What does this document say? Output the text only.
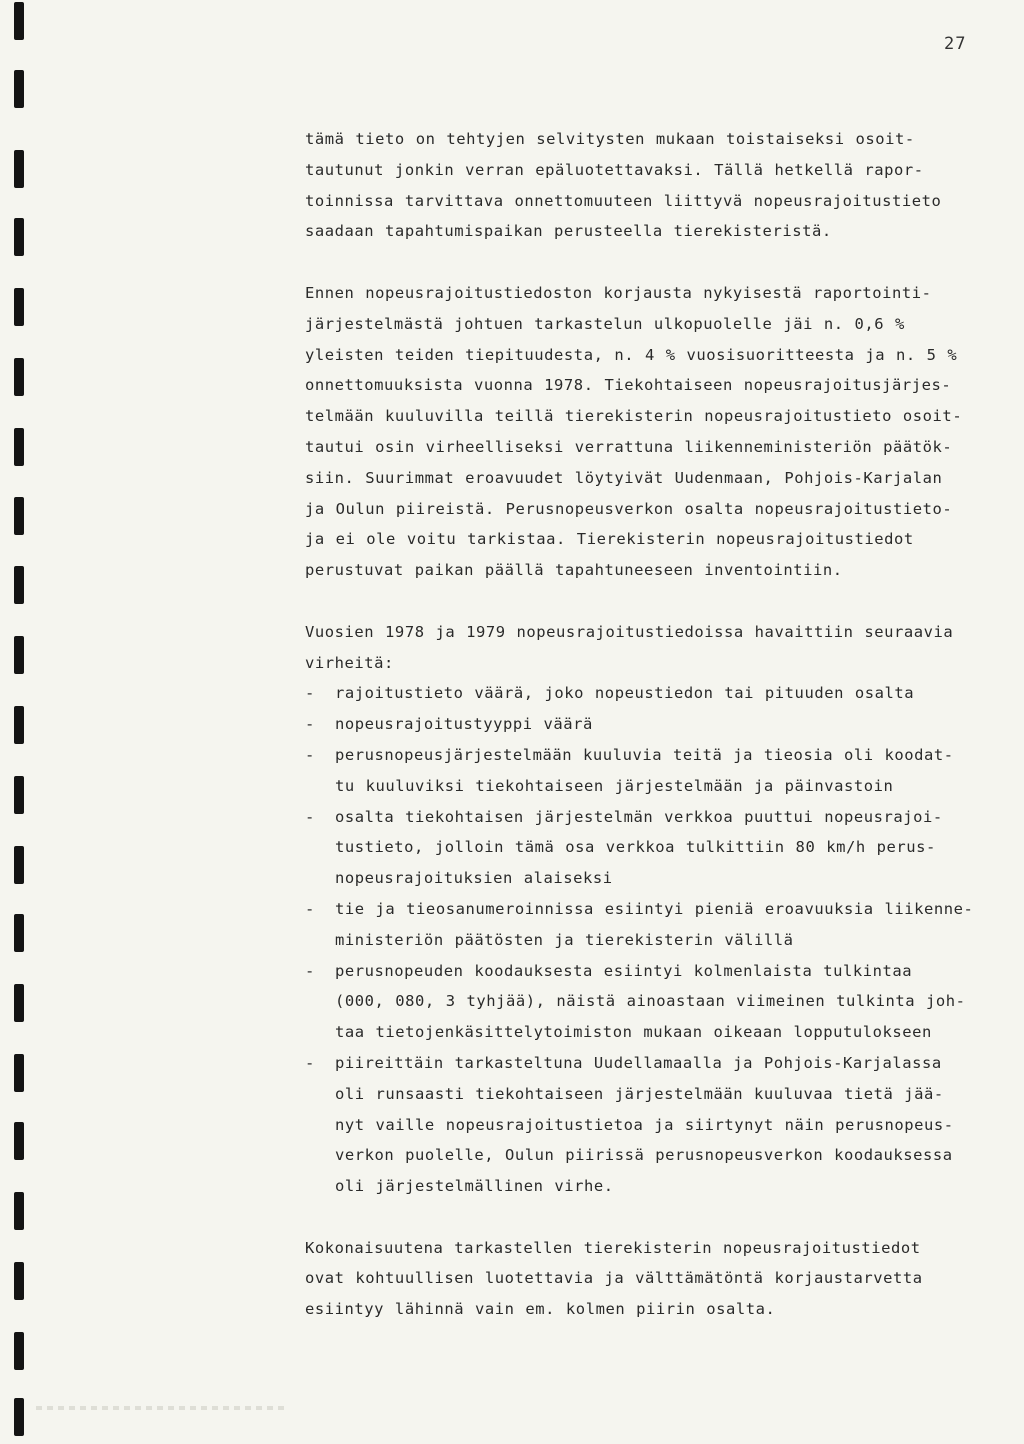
27

tämä tieto on tehtyjen selvitysten mukaan toistaiseksi osoit-
tautunut jonkin verran epäluotettavaksi. Tällä hetkellä rapor-
toinnissa tarvittava onnettomuuteen liittyvä nopeusrajoitustieto
saadaan tapahtumispaikan perusteella tierekisteristä.

Ennen nopeusrajoitustiedoston korjausta nykyisestä raportointi-
järjestelmästä johtuen tarkastelun ulkopuolelle jäi n. 0,6 %
yleisten teiden tiepituudesta, n. 4 % vuosisuoritteesta ja n. 5 %
onnettomuuksista vuonna 1978. Tiekohtaiseen nopeusrajoitusjärjes-
telmään kuuluvilla teillä tierekisterin nopeusrajoitustieto osoit-
tautui osin virheelliseksi verrattuna liikenneministeriön päätök-
siin. Suurimmat eroavuudet löytyivät Uudenmaan, Pohjois-Karjalan
ja Oulun piireistä. Perusnopeusverkon osalta nopeusrajoitustieto-
ja ei ole voitu tarkistaa. Tierekisterin nopeusrajoitustiedot
perustuvat paikan päällä tapahtuneeseen inventointiin.

Vuosien 1978 ja 1979 nopeusrajoitustiedoissa havaittiin seuraavia
virheitä:

- rajoitustieto väärä, joko nopeustiedon tai pituuden osalta
- nopeusrajoitustyyppi väärä
- perusnopeusjärjestelmään kuuluvia teitä ja tieosia oli koodat-
tu kuuluviksi tiekohtaiseen järjestelmään ja päinvastoin
- osalta tiekohtaisen järjestelmän verkkoa puuttui nopeusrajoi-
tustieto, jolloin tämä osa verkkoa tulkittiin 80 km/h perus-
nopeusrajoituksien alaiseksi
- tie ja tieosanumeroinnissa esiintyi pieniä eroavuuksia liikenne-
ministeriön päätösten ja tierekisterin välillä
- perusnopeuden koodauksesta esiintyi kolmenlaista tulkintaa
(000, 080, 3 tyhjää), näistä ainoastaan viimeinen tulkinta joh-
taa tietojenkäsittelytoimiston mukaan oikeaan lopputulokseen
- piireittäin tarkasteltuna Uudellamaalla ja Pohjois-Karjalassa
oli runsaasti tiekohtaiseen järjestelmään kuuluvaa tietä jää-
nyt vaille nopeusrajoitustietoa ja siirtynyt näin perusnopeus-
verkon puolelle, Oulun piirissä perusnopeusverkon koodauksessa
oli järjestelmällinen virhe.

Kokonaisuutena tarkastellen tierekisterin nopeusrajoitustiedot
ovat kohtuullisen luotettavia ja välttämätöntä korjaustarvetta
esiintyy lähinnä vain em. kolmen piirin osalta.
